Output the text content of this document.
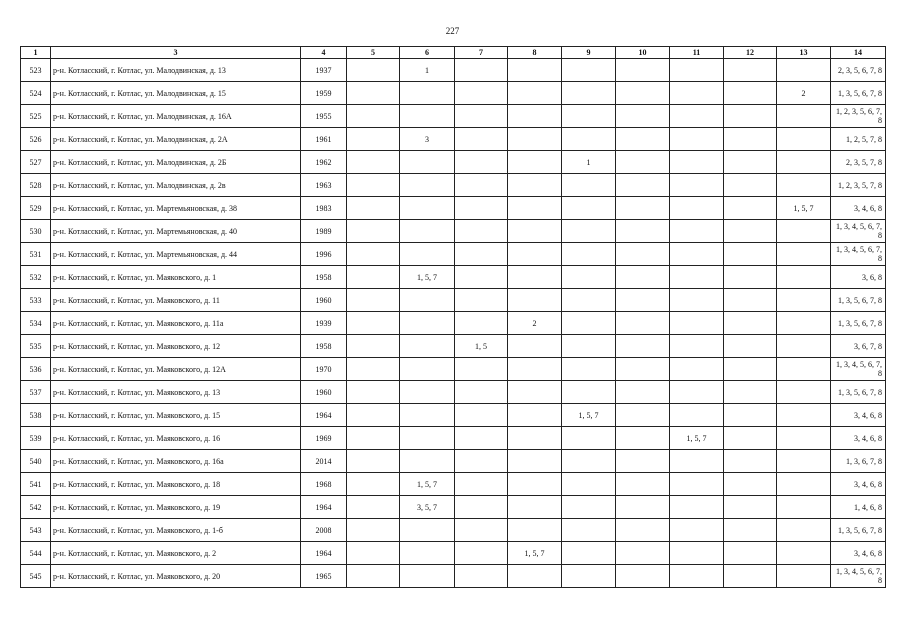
227
1	3	4	5	6	7	8	9	10	11	12	13	14
523	р-н. Котласский, г. Котлас, ул. Малодвинская, д. 13	1937		1								2, 3, 5, 6, 7, 8
524	р-н. Котласский, г. Котлас, ул. Малодвинская, д. 15	1959									2	1, 3, 5, 6, 7, 8
525	р-н. Котласский, г. Котлас, ул. Малодвинская, д. 16А	1955										1, 2, 3, 5, 6, 7, 8
526	р-н. Котласский, г. Котлас, ул. Малодвинская, д. 2А	1961		3								1, 2, 5, 7, 8
527	р-н. Котласский, г. Котлас, ул. Малодвинская, д. 2Б	1962					1					2, 3, 5, 7, 8
528	р-н. Котласский, г. Котлас, ул. Малодвинская, д. 2в	1963										1, 2, 3, 5, 7, 8
529	р-н. Котласский, г. Котлас, ул. Мартемьяновская, д. 38	1983									1, 5, 7	3, 4, 6, 8
530	р-н. Котласский, г. Котлас, ул. Мартемьяновская, д. 40	1989										1, 3, 4, 5, 6, 7, 8
531	р-н. Котласский, г. Котлас, ул. Мартемьяновская, д. 44	1996										1, 3, 4, 5, 6, 7, 8
532	р-н. Котласский, г. Котлас, ул. Маяковского, д. 1	1958		1, 5, 7								3, 6, 8
533	р-н. Котласский, г. Котлас, ул. Маяковского, д. 11	1960										1, 3, 5, 6, 7, 8
534	р-н. Котласский, г. Котлас, ул. Маяковского, д. 11а	1939				2						1, 3, 5, 6, 7, 8
535	р-н. Котласский, г. Котлас, ул. Маяковского, д. 12	1958			1, 5							3, 6, 7, 8
536	р-н. Котласский, г. Котлас, ул. Маяковского, д. 12А	1970										1, 3, 4, 5, 6, 7, 8
537	р-н. Котласский, г. Котлас, ул. Маяковского, д. 13	1960										1, 3, 5, 6, 7, 8
538	р-н. Котласский, г. Котлас, ул. Маяковского, д. 15	1964					1, 5, 7					3, 4, 6, 8
539	р-н. Котласский, г. Котлас, ул. Маяковского, д. 16	1969							1, 5, 7			3, 4, 6, 8
540	р-н. Котласский, г. Котлас, ул. Маяковского, д. 16а	2014										1, 3, 6, 7, 8
541	р-н. Котласский, г. Котлас, ул. Маяковского, д. 18	1968		1, 5, 7								3, 4, 6, 8
542	р-н. Котласский, г. Котлас, ул. Маяковского, д. 19	1964		3, 5, 7								1, 4, 6, 8
543	р-н. Котласский, г. Котлас, ул. Маяковского, д. 1-б	2008										1, 3, 5, 6, 7, 8
544	р-н. Котласский, г. Котлас, ул. Маяковского, д. 2	1964				1, 5, 7						3, 4, 6, 8
545	р-н. Котласский, г. Котлас, ул. Маяковского, д. 20	1965										1, 3, 4, 5, 6, 7, 8
